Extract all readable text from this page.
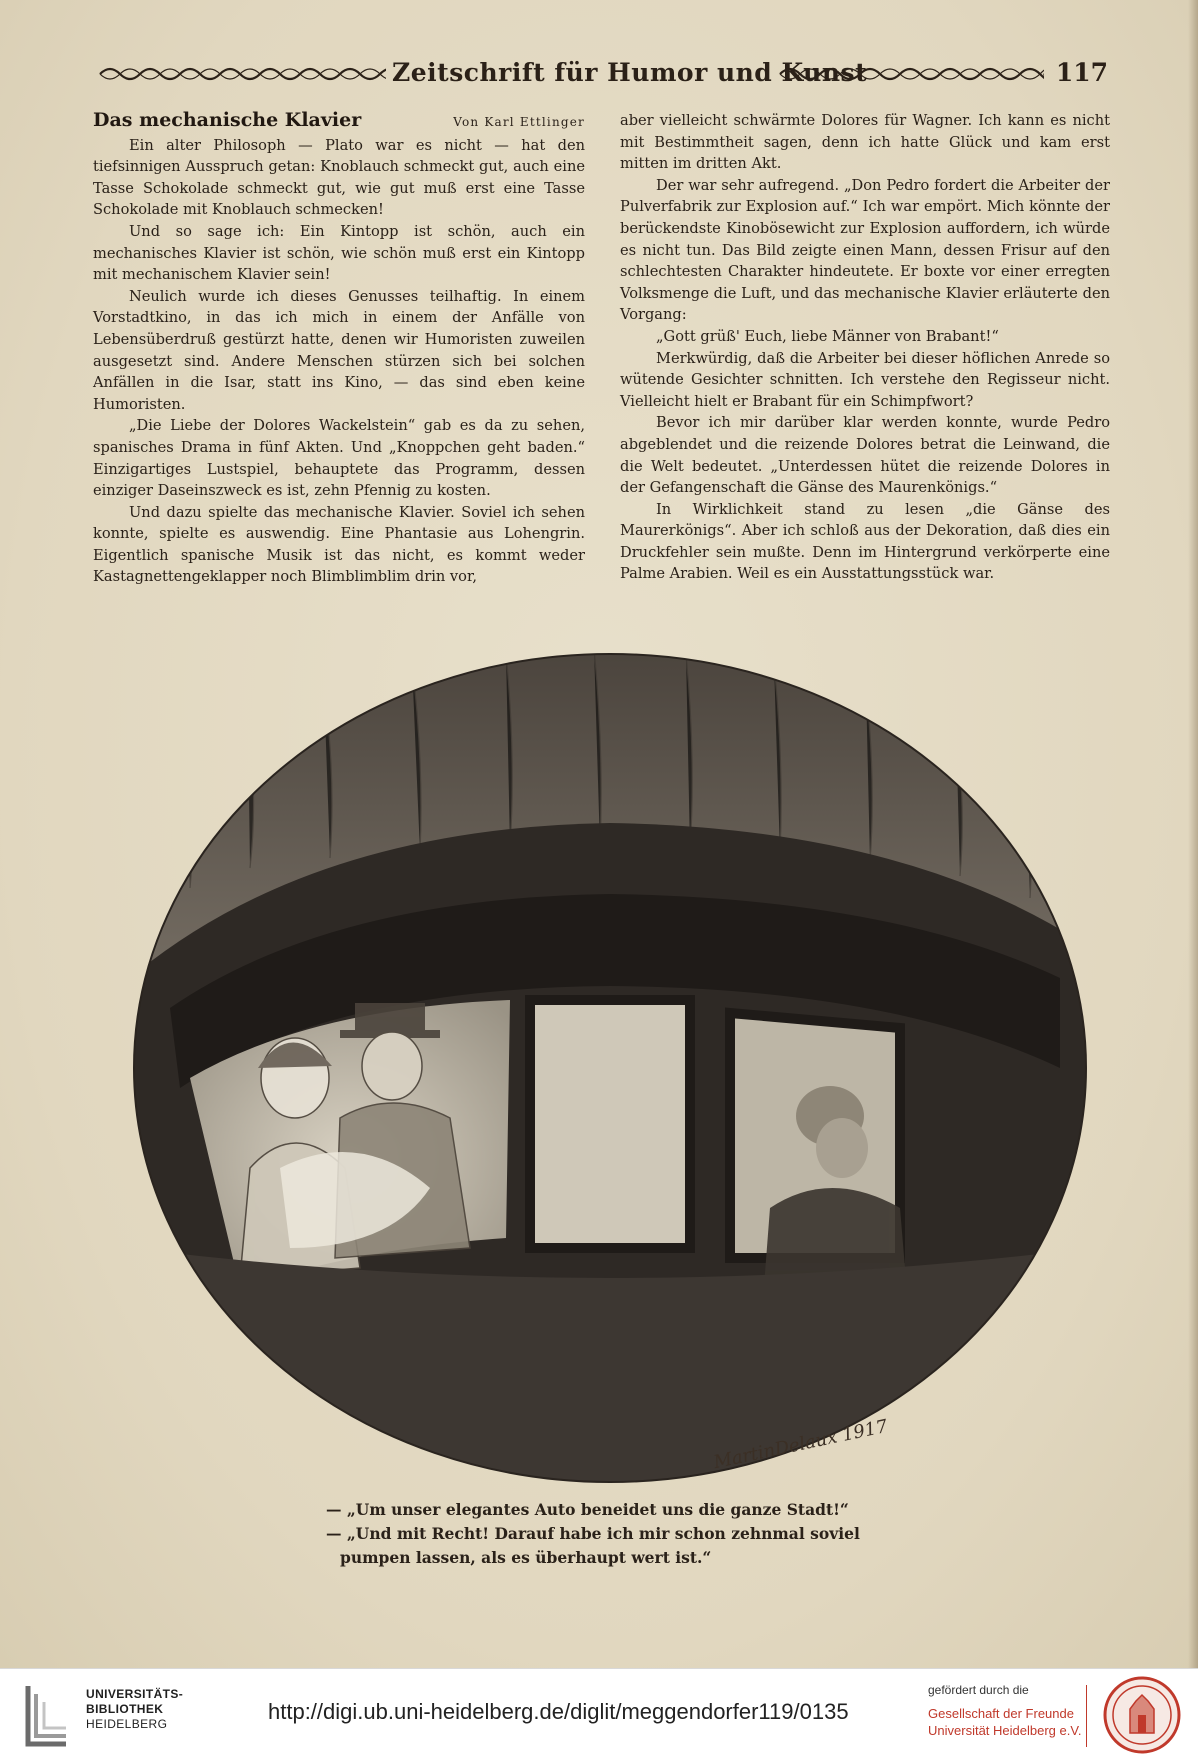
Zeitschrift für Humor und Kunst	117
Das mechanische Klavier	Von Karl Ettlinger

Ein alter Philosoph — Plato war es nicht — hat den tiefsinnigen Ausspruch getan: Knoblauch schmeckt gut, auch eine Tasse Schokolade schmeckt gut, wie gut muß erst eine Tasse Schokolade mit Knoblauch schmecken!

Und so sage ich: Ein Kintopp ist schön, auch ein mechanisches Klavier ist schön, wie schön muß erst ein Kintopp mit mechanischem Klavier sein!

Neulich wurde ich dieses Genusses teilhaftig. In einem Vorstadtkino, in das ich mich in einem der Anfälle von Lebensüberdruß gestürzt hatte, denen wir Humoristen zuweilen ausgesetzt sind. Andere Menschen stürzen sich bei solchen Anfällen in die Isar, statt ins Kino, — das sind eben keine Humoristen.

„Die Liebe der Dolores Wackelstein“ gab es da zu sehen, spanisches Drama in fünf Akten. Und „Knoppchen geht baden.“ Einzigartiges Lustspiel, behauptete das Programm, dessen einziger Daseinszweck es ist, zehn Pfennig zu kosten.

Und dazu spielte das mechanische Klavier. Soviel ich sehen konnte, spielte es auswendig. Eine Phantasie aus Lohengrin. Eigentlich spanische Musik ist das nicht, es kommt weder Kastagnettengeklapper noch Blimblimblim drin vor,

aber vielleicht schwärmte Dolores für Wagner. Ich kann es nicht mit Bestimmtheit sagen, denn ich hatte Glück und kam erst mitten im dritten Akt.

Der war sehr aufregend. „Don Pedro fordert die Arbeiter der Pulverfabrik zur Explosion auf.“ Ich war empört. Mich könnte der berückendste Kinobösewicht zur Explosion auffordern, ich würde es nicht tun. Das Bild zeigte einen Mann, dessen Frisur auf den schlechtesten Charakter hindeutete. Er boxte vor einer erregten Volksmenge die Luft, und das mechanische Klavier erläuterte den Vorgang:

„Gott grüß' Euch, liebe Männer von Brabant!“

Merkwürdig, daß die Arbeiter bei dieser höflichen Anrede so wütende Gesichter schnitten. Ich verstehe den Regisseur nicht. Vielleicht hielt er Brabant für ein Schimpfwort?

Bevor ich mir darüber klar werden konnte, wurde Pedro abgeblendet und die reizende Dolores betrat die Leinwand, die die Welt bedeutet. „Unterdessen hütet die reizende Dolores in der Gefangenschaft die Gänse des Maurenkönigs.“

In Wirklichkeit stand zu lesen „die Gänse des Maurerkönigs“. Aber ich schloß aus der Dekoration, daß dies ein Druckfehler sein mußte. Denn im Hintergrund verkörperte eine Palme Arabien. Weil es ein Ausstattungsstück war.

MartinDelaux 1917
— „Um unser elegantes Auto beneidet uns die ganze Stadt!“
— „Und mit Recht! Darauf habe ich mir schon zehnmal soviel
pumpen lassen, als es überhaupt wert ist.“
UNIVERSITÄTS-
BIBLIOTHEK
HEIDELBERG	http://digi.ub.uni-heidelberg.de/diglit/meggendorfer119/0135
gefördert durch die
Gesellschaft der Freunde
Universität Heidelberg e.V.
